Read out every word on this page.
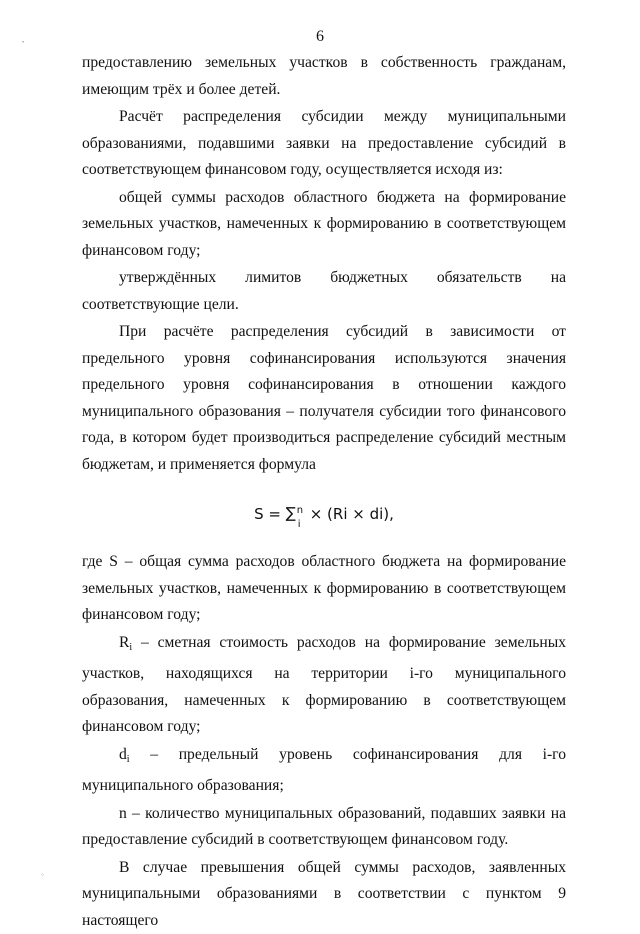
6

предоставлению земельных участков в собственность гражданам, имеющим трёх и более детей.

Расчёт распределения субсидии между муниципальными образованиями, подавшими заявки на предоставление субсидий в соответствующем финансовом году, осуществляется исходя из:

общей суммы расходов областного бюджета на формирование земельных участков, намеченных к формированию в соответствующем финансовом году;

утверждённых лимитов бюджетных обязательств на соответствующие цели.

При расчёте распределения субсидий в зависимости от предельного уровня софинансирования используются значения предельного уровня софинансирования в отношении каждого муниципального образования – получателя субсидии того финансового года, в котором будет производиться распределение субсидий местным бюджетам, и применяется формула

S = ∑ n
i
× (Ri × di),

где S – общая сумма расходов областного бюджета на формирование земельных участков, намеченных к формированию в соответствующем финансовом году;

$R_i$ – сметная стоимость расходов на формирование земельных участков, находящихся на территории i-го муниципального образования, намеченных к формированию в соответствующем финансовом году;

$d_i$ – предельный уровень софинансирования для i-го муниципального образования;

n – количество муниципальных образований, подавших заявки на предоставление субсидий в соответствующем финансовом году.

В случае превышения общей суммы расходов, заявленных муниципальными образованиями в соответствии с пунктом 9 настоящего

•
⁘
